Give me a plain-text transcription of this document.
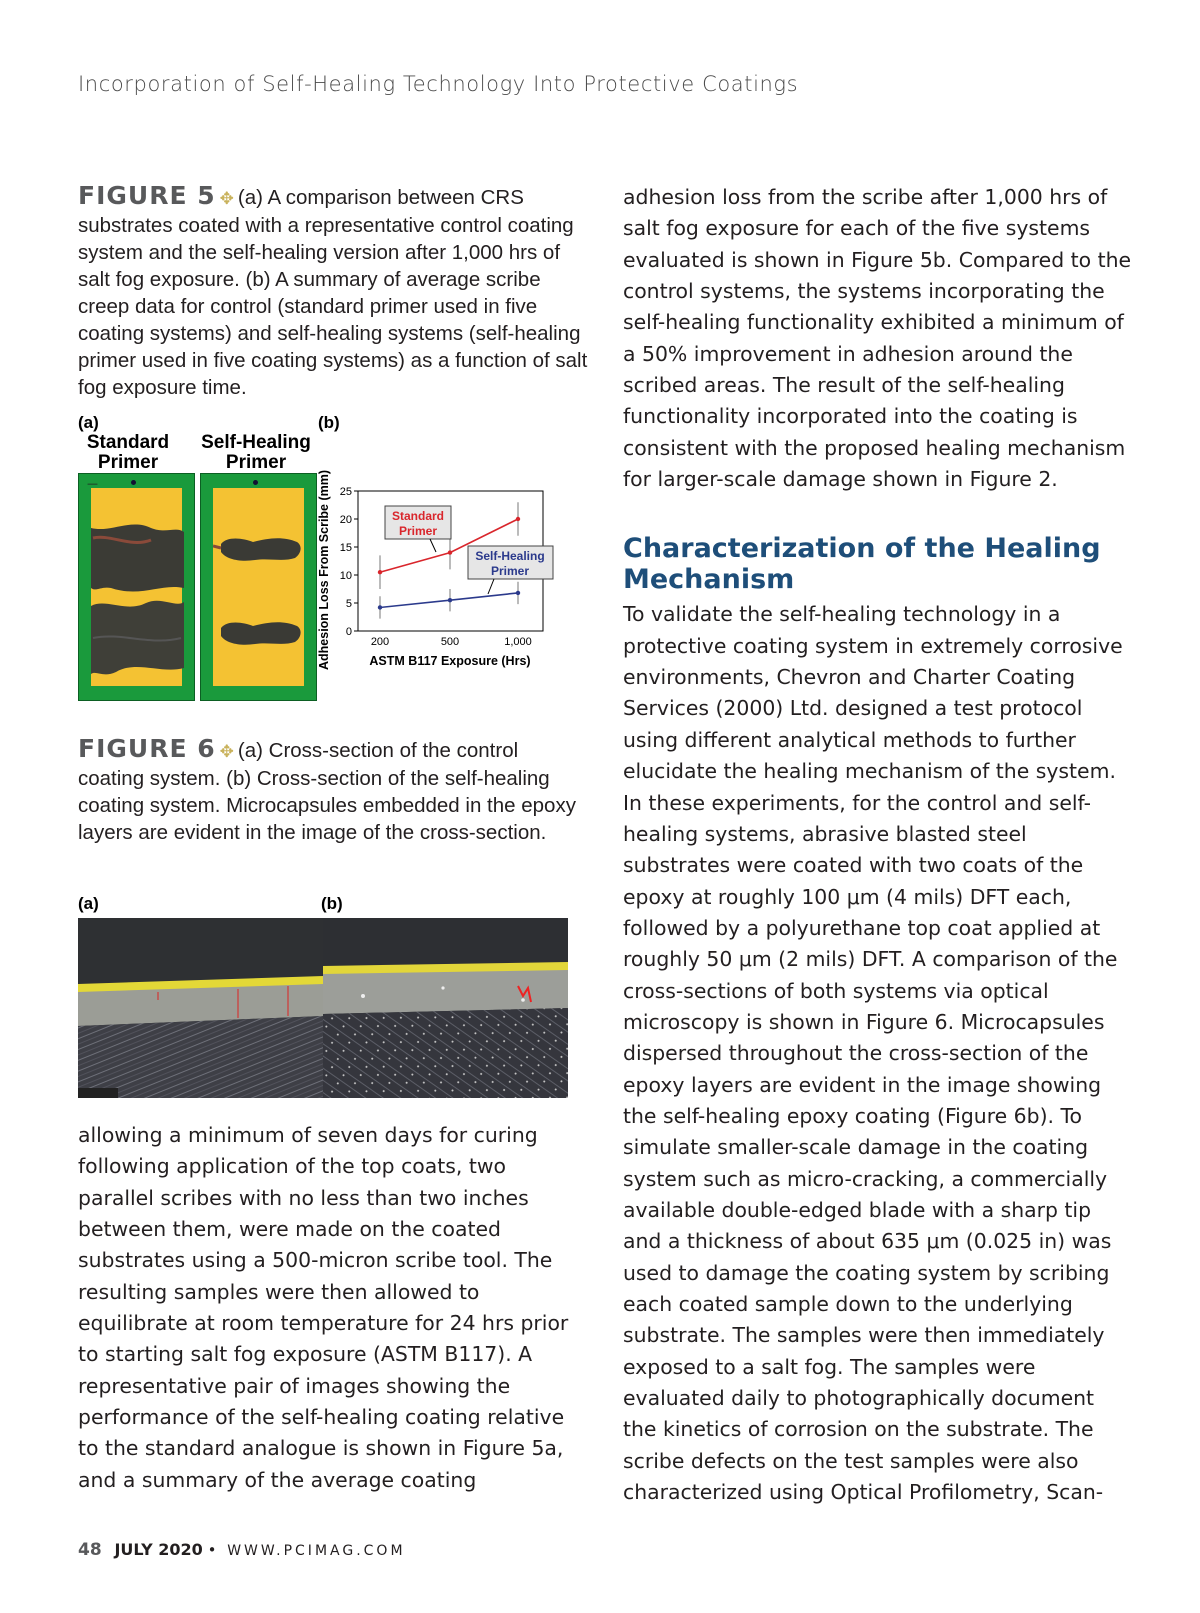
Incorporation of Self-Healing Technology Into Protective Coatings
FIGURE 5 ✥ (a) A comparison between CRS substrates coated with a representative control coating system and the self-healing version after 1,000 hrs of salt fog exposure. (b) A summary of average scribe creep data for control (standard primer used in five coating systems) and self-healing systems (self-healing primer used in five coating systems) as a function of salt fog exposure time.
(a)	(b)
Standard Primer
Self-Healing Primer
—	Adhesion Loss From Scribe (mm) 0
5
10
15
20
25
200	500	1,000
ASTM B117 Exposure (Hrs)
Standard
Primer
Self-Healing
Primer
FIGURE 6 ✥ (a) Cross-section of the control coating system. (b) Cross-section of the self-healing coating system. Microcapsules embedded in the epoxy layers are evident in the image of the cross-section.
(a)	(b)

allowing a minimum of seven days for curing following application of the top coats, two parallel scribes with no less than two inches between them, were made on the coated substrates using a 500-micron scribe tool. The resulting samples were then allowed to equilibrate at room temperature for 24 hrs prior to starting salt fog exposure (ASTM B117). A representative pair of images showing the performance of the self-healing coating relative to the standard analogue is shown in Figure 5a, and a summary of the average coating

adhesion loss from the scribe after 1,000 hrs of salt fog exposure for each of the five systems evaluated is shown in Figure 5b. Compared to the control systems, the systems incorporating the self-healing functionality exhibited a minimum of a 50% improvement in adhesion around the scribed areas. The result of the self-healing functionality incorporated into the coating is consistent with the proposed healing mechanism for larger-scale damage shown in Figure 2.

Characterization of the Healing Mechanism

To validate the self-healing technology in a protective coating system in extremely corrosive environments, Chevron and Charter Coating Services (2000) Ltd. designed a test protocol using different analytical methods to further elucidate the healing mechanism of the system. In these experiments, for the control and self-healing systems, abrasive blasted steel substrates were coated with two coats of the epoxy at roughly 100 μm (4 mils) DFT each, followed by a polyurethane top coat applied at roughly 50 μm (2 mils) DFT. A comparison of the cross-sections of both systems via optical microscopy is shown in Figure 6. Microcapsules dispersed throughout the cross-section of the epoxy layers are evident in the image showing the self-healing epoxy coating (Figure 6b). To simulate smaller-scale damage in the coating system such as micro-cracking, a commercially available double-edged blade with a sharp tip and a thickness of about 635 μm (0.025 in) was used to damage the coating system by scribing each coated sample down to the underlying substrate. The samples were then immediately exposed to a salt fog. The samples were evaluated daily to photographically document the kinetics of corrosion on the substrate. The scribe defects on the test samples were also characterized using Optical Profilometry, Scan-

48 JULY 2020 • WWW.PCIMAG.COM
